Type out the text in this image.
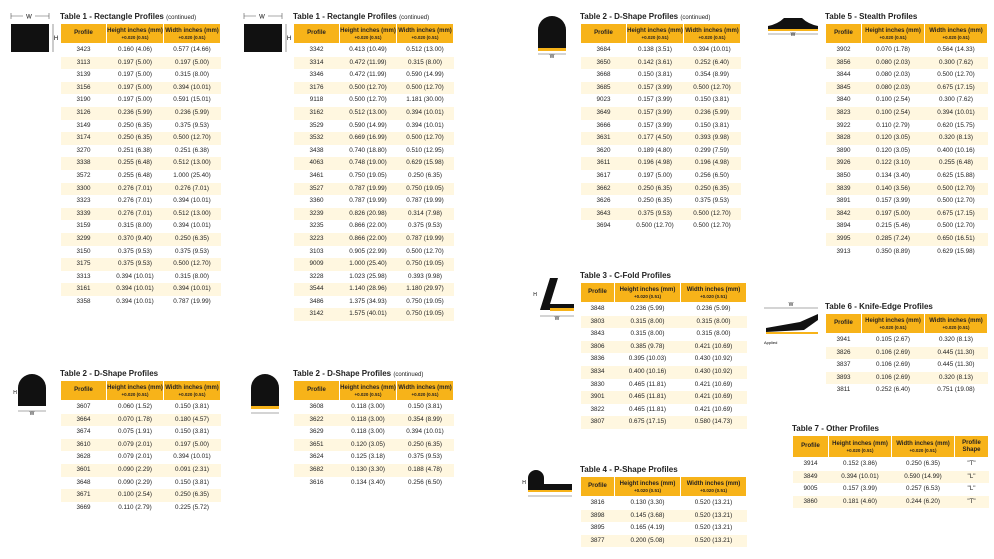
W
H
W
H
W
H
W
W
H
H
W
W
Applied
Table 1 - Rectangle Profiles (continued)
Profile	Height inches (mm)
+0.020 (0.51)	Width inches (mm)
+0.020 (0.51)

3423	0.160 (4.06)	0.577 (14.66)
3113	0.197 (5.00)	0.197 (5.00)
3139	0.197 (5.00)	0.315 (8.00)
3156	0.197 (5.00)	0.394 (10.01)
3190	0.197 (5.00)	0.591 (15.01)
3126	0.236 (5.99)	0.236 (5.99)
3149	0.250 (6.35)	0.375 (9.53)
3174	0.250 (6.35)	0.500 (12.70)
3270	0.251 (6.38)	0.251 (6.38)
3338	0.255 (6.48)	0.512 (13.00)
3572	0.255 (6.48)	1.000 (25.40)
3300	0.276 (7.01)	0.276 (7.01)
3323	0.276 (7.01)	0.394 (10.01)
3339	0.276 (7.01)	0.512 (13.00)
3159	0.315 (8.00)	0.394 (10.01)
3299	0.370 (9.40)	0.250 (6.35)
3150	0.375 (9.53)	0.375 (9.53)
3175	0.375 (9.53)	0.500 (12.70)
3313	0.394 (10.01)	0.315 (8.00)
3161	0.394 (10.01)	0.394 (10.01)
3358	0.394 (10.01)	0.787 (19.99)
Table 1 - Rectangle Profiles (continued)
Profile	Height inches (mm)
+0.020 (0.51)	Width inches (mm)
+0.020 (0.51)

3342	0.413 (10.49)	0.512 (13.00)
3314	0.472 (11.99)	0.315 (8.00)
3346	0.472 (11.99)	0.590 (14.99)
3176	0.500 (12.70)	0.500 (12.70)
9118	0.500 (12.70)	1.181 (30.00)
3162	0.512 (13.00)	0.394 (10.01)
3529	0.590 (14.99)	0.394 (10.01)
3532	0.669 (16.99)	0.500 (12.70)
3438	0.740 (18.80)	0.510 (12.95)
4063	0.748 (19.00)	0.629 (15.98)
3461	0.750 (19.05)	0.250 (6.35)
3527	0.787 (19.99)	0.750 (19.05)
3360	0.787 (19.99)	0.787 (19.99)
3239	0.826 (20.98)	0.314 (7.98)
3235	0.866 (22.00)	0.375 (9.53)
3223	0.866 (22.00)	0.787 (19.99)
3103	0.905 (22.99)	0.500 (12.70)
9009	1.000 (25.40)	0.750 (19.05)
3228	1.023 (25.98)	0.393 (9.98)
3544	1.140 (28.96)	1.180 (29.97)
3486	1.375 (34.93)	0.750 (19.05)
3142	1.575 (40.01)	0.750 (19.05)
Table 2 - D-Shape Profiles
Profile	Height inches (mm)
+0.020 (0.51)	Width inches (mm)
+0.020 (0.51)

3607	0.060 (1.52)	0.150 (3.81)
3664	0.070 (1.78)	0.180 (4.57)
3674	0.075 (1.91)	0.150 (3.81)
3610	0.079 (2.01)	0.197 (5.00)
3628	0.079 (2.01)	0.394 (10.01)
3601	0.090 (2.29)	0.091 (2.31)
3648	0.090 (2.29)	0.150 (3.81)
3671	0.100 (2.54)	0.250 (6.35)
3669	0.110 (2.79)	0.225 (5.72)
Table 2 - D-Shape Profiles (continued)
Profile	Height inches (mm)
+0.020 (0.51)	Width inches (mm)
+0.020 (0.51)

3608	0.118 (3.00)	0.150 (3.81)
3622	0.118 (3.00)	0.354 (8.99)
3629	0.118 (3.00)	0.394 (10.01)
3651	0.120 (3.05)	0.250 (6.35)
3624	0.125 (3.18)	0.375 (9.53)
3682	0.130 (3.30)	0.188 (4.78)
3616	0.134 (3.40)	0.256 (6.50)
Table 2 - D-Shape Profiles (continued)
Profile	Height inches (mm)
+0.020 (0.51)	Width inches (mm)
+0.020 (0.51)

3684	0.138 (3.51)	0.394 (10.01)
3650	0.142 (3.61)	0.252 (6.40)
3668	0.150 (3.81)	0.354 (8.99)
3685	0.157 (3.99)	0.500 (12.70)
9023	0.157 (3.99)	0.150 (3.81)
3649	0.157 (3.99)	0.236 (5.99)
3666	0.157 (3.99)	0.150 (3.81)
3631	0.177 (4.50)	0.393 (9.98)
3620	0.189 (4.80)	0.299 (7.59)
3611	0.196 (4.98)	0.196 (4.98)
3617	0.197 (5.00)	0.256 (6.50)
3662	0.250 (6.35)	0.250 (6.35)
3626	0.250 (6.35)	0.375 (9.53)
3643	0.375 (9.53)	0.500 (12.70)
3694	0.500 (12.70)	0.500 (12.70)
Table 3 - C-Fold Profiles
Profile	Height inches (mm)
+0.020 (0.51)	Width inches (mm)
+0.020 (0.51)

3848	0.236 (5.99)	0.236 (5.99)
3803	0.315 (8.00)	0.315 (8.00)
3843	0.315 (8.00)	0.315 (8.00)
3806	0.385 (9.78)	0.421 (10.69)
3836	0.395 (10.03)	0.430 (10.92)
3834	0.400 (10.16)	0.430 (10.92)
3830	0.465 (11.81)	0.421 (10.69)
3901	0.465 (11.81)	0.421 (10.69)
3822	0.465 (11.81)	0.421 (10.69)
3807	0.675 (17.15)	0.580 (14.73)
Table 4 - P-Shape Profiles
Profile	Height inches (mm)
+0.020 (0.51)	Width inches (mm)
+0.020 (0.51)

3816	0.130 (3.30)	0.520 (13.21)
3898	0.145 (3.68)	0.520 (13.21)
3895	0.165 (4.19)	0.520 (13.21)
3877	0.200 (5.08)	0.520 (13.21)
Table 5 - Stealth Profiles
Profile	Height inches (mm)
+0.020 (0.51)	Width inches (mm)
+0.020 (0.51)

3902	0.070 (1.78)	0.564 (14.33)
3856	0.080 (2.03)	0.300 (7.62)
3844	0.080 (2.03)	0.500 (12.70)
3845	0.080 (2.03)	0.675 (17.15)
3840	0.100 (2.54)	0.300 (7.62)
3823	0.100 (2.54)	0.394 (10.01)
3922	0.110 (2.79)	0.620 (15.75)
3828	0.120 (3.05)	0.320 (8.13)
3890	0.120 (3.05)	0.400 (10.16)
3926	0.122 (3.10)	0.255 (6.48)
3850	0.134 (3.40)	0.625 (15.88)
3839	0.140 (3.56)	0.500 (12.70)
3891	0.157 (3.99)	0.500 (12.70)
3842	0.197 (5.00)	0.675 (17.15)
3894	0.215 (5.46)	0.500 (12.70)
3995	0.285 (7.24)	0.650 (16.51)
3913	0.350 (8.89)	0.629 (15.98)
Table 6 - Knife-Edge Profiles
Profile	Height inches (mm)
+0.020 (0.51)	Width inches (mm)
+0.020 (0.51)

3941	0.105 (2.67)	0.320 (8.13)
3826	0.106 (2.69)	0.445 (11.30)
3837	0.106 (2.69)	0.445 (11.30)
3893	0.106 (2.69)	0.320 (8.13)
3811	0.252 (6.40)	0.751 (19.08)
Table 7 - Other Profiles
Profile	Height inches (mm)
+0.020 (0.51)	Width inches (mm)
+0.020 (0.51)	Profile Shape
3914	0.152 (3.86)	0.250 (6.35)	"T"
3849	0.394 (10.01)	0.590 (14.99)	"L"
9005	0.157 (3.99)	0.257 (6.53)	"L"
3860	0.181 (4.60)	0.244 (6.20)	"T"
